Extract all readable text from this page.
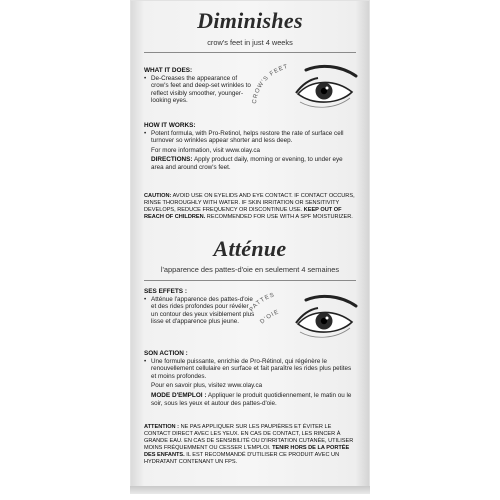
Diminishes
crow's feet in just 4 weeks
WHAT IT DOES:
• De-Creases the appearance of crow's feet and deep-set wrinkles to reflect visibly smoother, younger-looking eyes.	CROW'S FEET
HOW IT WORKS:
• Potent formula, with Pro-Retinol, helps restore the rate of surface cell turnover so wrinkles appear shorter and less deep.
For more information, visit www.olay.ca
DIRECTIONS: Apply product daily, morning or evening, to under eye area and around crow's feet.
CAUTION: AVOID USE ON EYELIDS AND EYE CONTACT. IF CONTACT OCCURS, RINSE THOROUGHLY WITH WATER. IF SKIN IRRITATION OR SENSITIVITY DEVELOPS, REDUCE FREQUENCY OR DISCONTINUE USE. KEEP OUT OF REACH OF CHILDREN. RECOMMENDED FOR USE WITH A SPF MOISTURIZER.
Atténue
l'apparence des pattes-d'oie en seulement 4 semaines
SES EFFETS :
• Atténue l'apparence des pattes-d'oie et des rides profondes pour révéler un contour des yeux visiblement plus lisse et d'apparence plus jeune.
PATTES
D'OIE
SON ACTION :
• Une formule puissante, enrichie de Pro-Rétinol, qui régénère le renouvellement cellulaire en surface et fait paraître les rides plus petites et moins profondes.
Pour en savoir plus, visitez www.olay.ca
MODE D'EMPLOI : Appliquer le produit quotidiennement, le matin ou le soir, sous les yeux et autour des pattes-d'oie.
ATTENTION : NE PAS APPLIQUER SUR LES PAUPIÈRES ET ÉVITER LE CONTACT DIRECT AVEC LES YEUX. EN CAS DE CONTACT, LES RINCER À GRANDE EAU. EN CAS DE SENSIBILITÉ OU D'IRRITATION CUTANÉE, UTILISER MOINS FRÉQUEMMENT OU CESSER L'EMPLOI. TENIR HORS DE LA PORTÉE DES ENFANTS. IL EST RECOMMANDÉ D'UTILISER CE PRODUIT AVEC UN HYDRATANT CONTENANT UN FPS.
